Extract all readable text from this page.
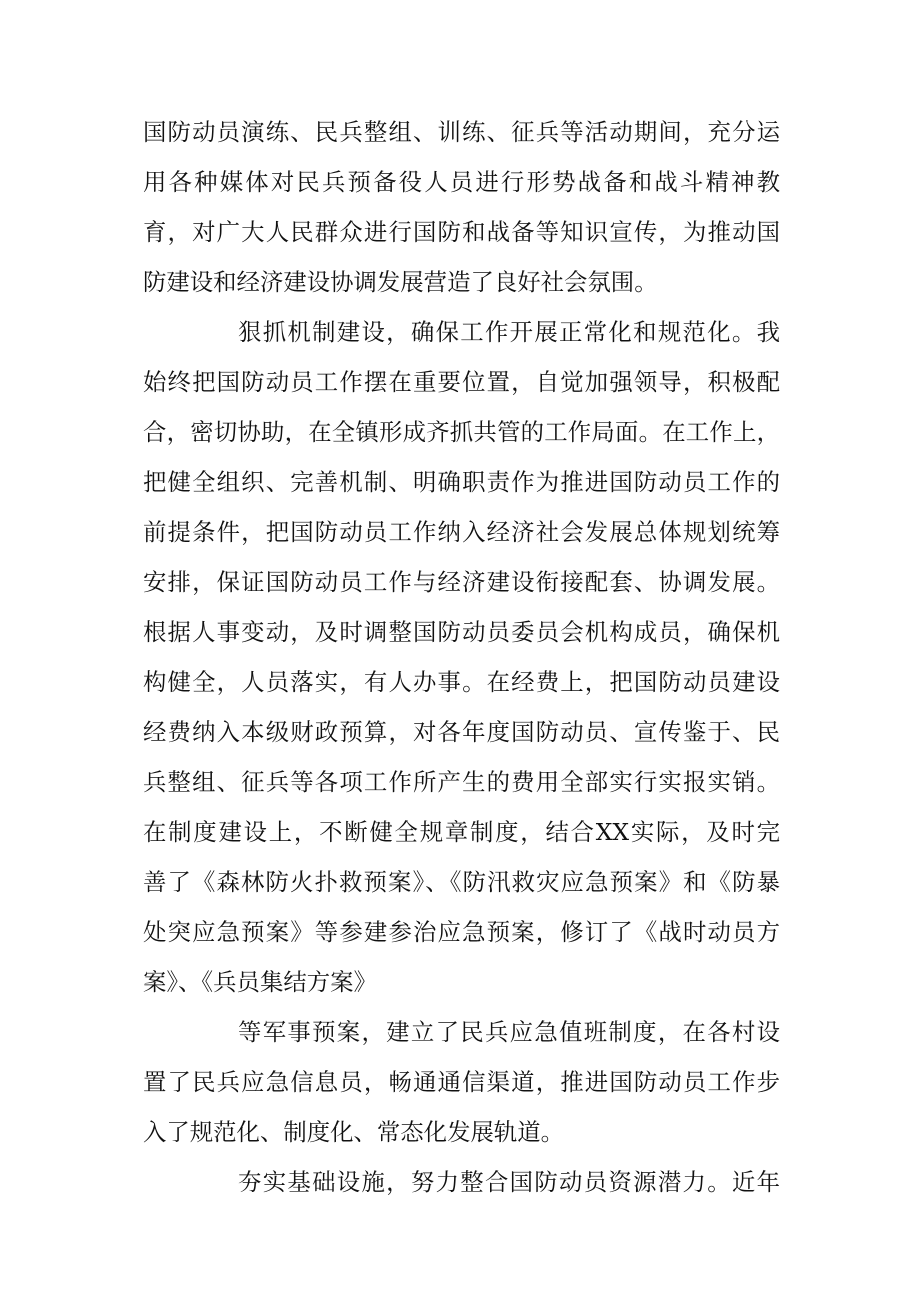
国防动员演练、民兵整组、训练、征兵等活动期间，充分运
用各种媒体对民兵预备役人员进行形势战备和战斗精神教
育，对广大人民群众进行国防和战备等知识宣传，为推动国
防建设和经济建设协调发展营造了良好社会氛围。
狠抓机制建设，确保工作开展正常化和规范化。我
始终把国防动员工作摆在重要位置，自觉加强领导，积极配
合，密切协助，在全镇形成齐抓共管的工作局面。在工作上，
把健全组织、完善机制、明确职责作为推进国防动员工作的
前提条件，把国防动员工作纳入经济社会发展总体规划统筹
安排，保证国防动员工作与经济建设衔接配套、协调发展。
根据人事变动，及时调整国防动员委员会机构成员，确保机
构健全，人员落实，有人办事。在经费上，把国防动员建设
经费纳入本级财政预算，对各年度国防动员、宣传鉴于、民
兵整组、征兵等各项工作所产生的费用全部实行实报实销。
在制度建设上，不断健全规章制度，结合XX实际，及时完
善了《森林防火扑救预案》、《防汛救灾应急预案》和《防暴
处突应急预案》等参建参治应急预案，修订了《战时动员方
案》、《兵员集结方案》
等军事预案，建立了民兵应急值班制度，在各村设
置了民兵应急信息员，畅通通信渠道，推进国防动员工作步
入了规范化、制度化、常态化发展轨道。
夯实基础设施，努力整合国防动员资源潜力。近年
